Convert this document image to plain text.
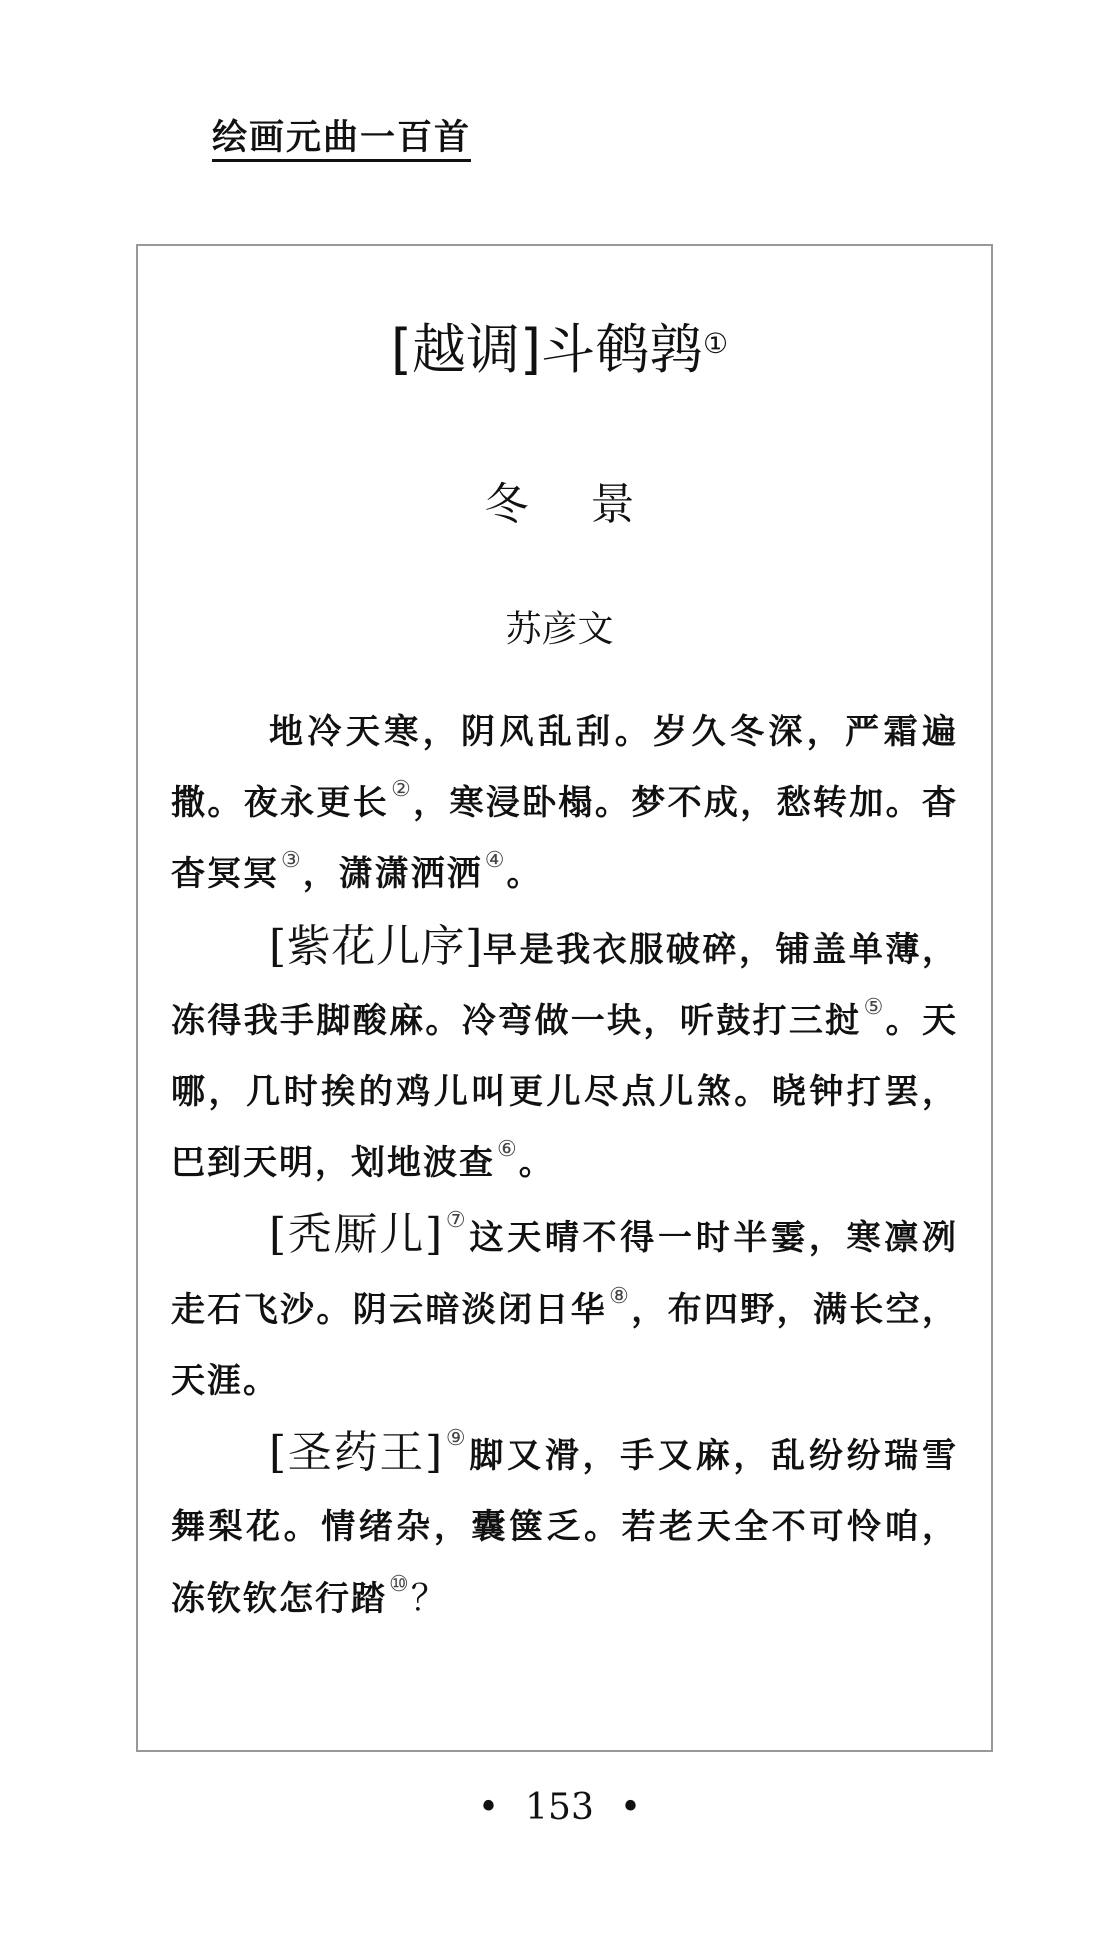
绘画元曲一百首
[越调]斗鹌鹑①
冬 景
苏彦文

地冷天寒，阴风乱刮。岁久冬深，严霜遍撒。夜永更长②，寒浸卧榻。梦不成，愁转加。杳杳冥冥③，潇潇洒洒④。

[紫花儿序]早是我衣服破碎，铺盖单薄，冻得我手脚酸麻。冷弯做一块，听鼓打三挝⑤。天哪，几时挨的鸡儿叫更儿尽点儿煞。晓钟打罢，巴到天明，划地波查⑥。

[秃厮儿]⑦这天晴不得一时半霎，寒凛冽走石飞沙。阴云暗淡闭日华⑧，布四野，满长空，天涯。

[圣药王]⑨脚又滑，手又麻，乱纷纷瑞雪舞梨花。情绪杂，囊箧乏。若老天全不可怜咱，冻钦钦怎行踏⑩？

• 153 •
